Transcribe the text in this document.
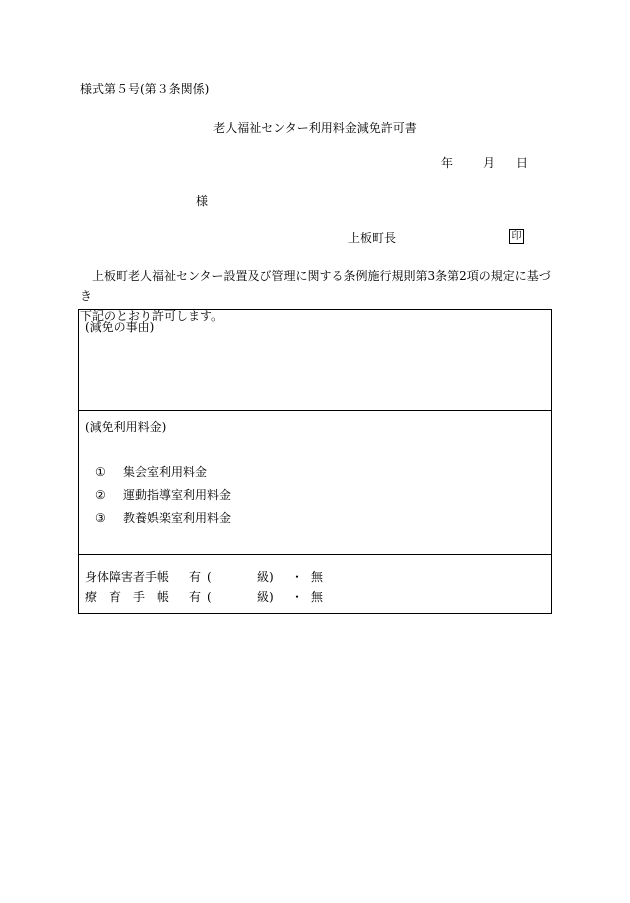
様式第５号(第３条関係)
老人福祉センター利用料金減免許可書
年 月 日
様
上板町長	印
上板町老人福祉センター設置及び管理に関する条例施行規則第3条第2項の規定に基づき
下記のとおり許可します。
(減免の事由)
(減免利用料金)
① 集会室利用料金
② 運動指導室利用料金
③ 教養娯楽室利用料金
身体障害者手帳 有 (	級) ・ 無
療　育　手　帳 有 (	級) ・ 無
